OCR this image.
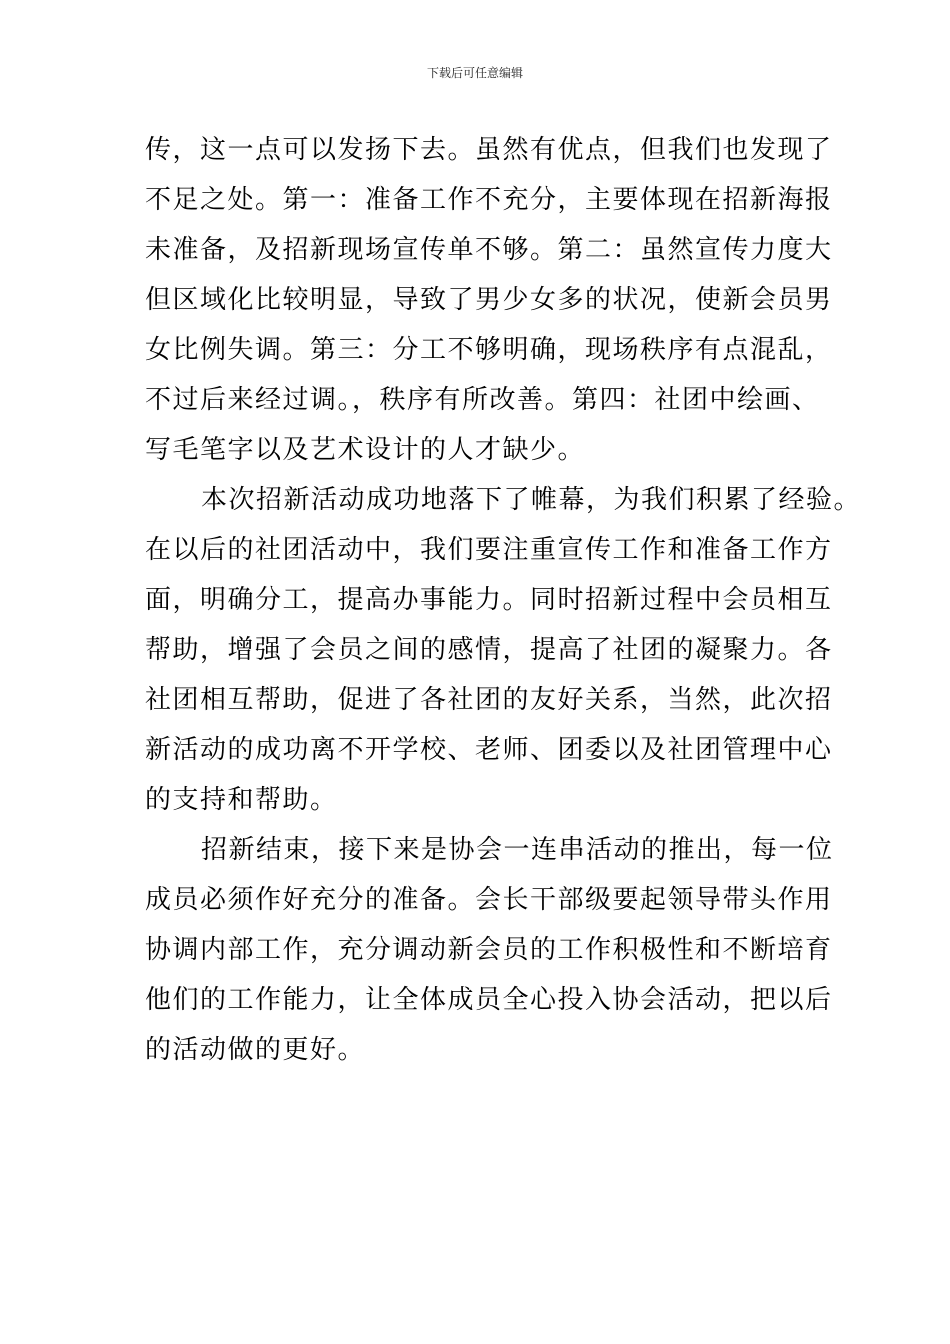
下载后可任意编辑
传，这一点可以发扬下去。虽然有优点，但我们也发现了
不足之处。第一：准备工作不充分，主要体现在招新海报
未准备，及招新现场宣传单不够。第二：虽然宣传力度大
但区域化比较明显，导致了男少女多的状况，使新会员男
女比例失调。第三：分工不够明确，现场秩序有点混乱，
不过后来经过调。，秩序有所改善。第四：社团中绘画、
写毛笔字以及艺术设计的人才缺少。
本次招新活动成功地落下了帷幕，为我们积累了经验。
在以后的社团活动中，我们要注重宣传工作和准备工作方
面，明确分工，提高办事能力。同时招新过程中会员相互
帮助，增强了会员之间的感情，提高了社团的凝聚力。各
社团相互帮助，促进了各社团的友好关系，当然，此次招
新活动的成功离不开学校、老师、团委以及社团管理中心
的支持和帮助。
招新结束，接下来是协会一连串活动的推出，每一位
成员必须作好充分的准备。会长干部级要起领导带头作用
协调内部工作，充分调动新会员的工作积极性和不断培育
他们的工作能力，让全体成员全心投入协会活动，把以后
的活动做的更好。
